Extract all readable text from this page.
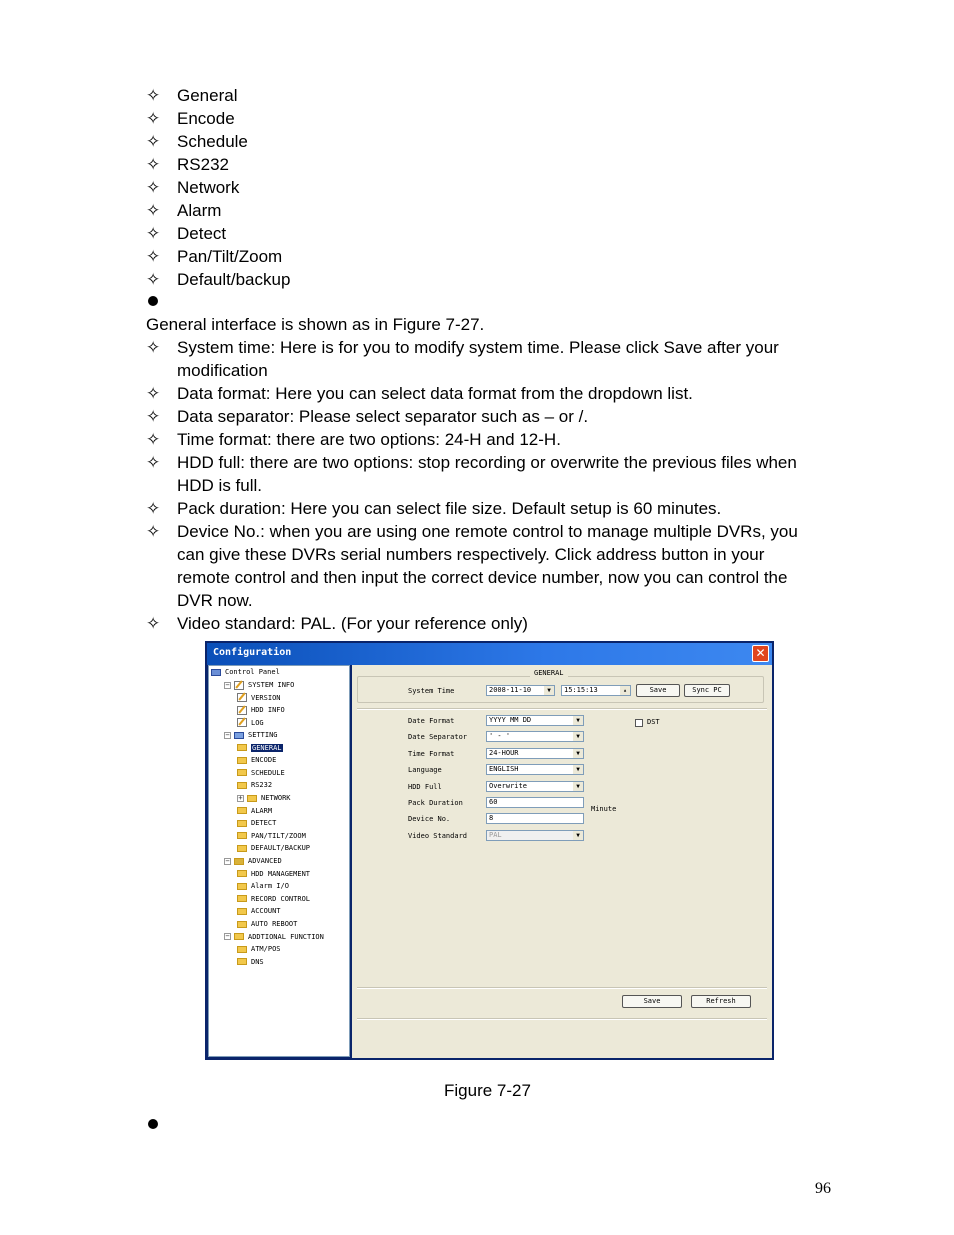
✧ General
✧ Encode
✧ Schedule
✧ RS232
✧ Network
✧ Alarm
✧ Detect
✧ Pan/Tilt/Zoom
✧ Default/backup
General interface is shown as in Figure 7-27.
✧ System time: Here is for you to modify system time. Please click Save after your
modification
✧ Data format: Here you can select data format from the dropdown list.
✧ Data separator: Please select separator such as – or /.
✧ Time format: there are two options: 24-H and 12-H.
✧ HDD full: there are two options: stop recording or overwrite the previous files when
HDD is full.
✧ Pack duration: Here you can select file size. Default setup is 60 minutes.
✧ Device No.: when you are using one remote control to manage multiple DVRs, you
can give these DVRs serial numbers respectively. Click address button in your
remote control and then input the correct device number, now you can control the
DVR now.
✧ Video standard: PAL. (For your reference only)
Configuration	✕
Control Panel
−	SYSTEM INFO
VERSION
HDD INFO
LOG
−	SETTING
GENERAL
ENCODE
SCHEDULE
RS232
+	NETWORK
ALARM
DETECT
PAN/TILT/ZOOM
DEFAULT/BACKUP
−	ADVANCED
HDD MANAGEMENT
Alarm I/O
RECORD CONTROL
ACCOUNT
AUTO REBOOT
−	ADDTIONAL FUNCTION
ATM/POS
DNS
GENERAL
System Time	2008-11-10	▼	15:15:13	▴	Save	Sync PC
Date Format	YYYY MM DD	▼
Date Separator	' - '	▼
Time Format	24-HOUR	▼
Language	ENGLISH	▼
HDD Full	Overwrite	▼
Pack Duration	60
Device No.	8
Video Standard	PAL	▼
DST
Minute
Save	Refresh
Figure 7-27
96
